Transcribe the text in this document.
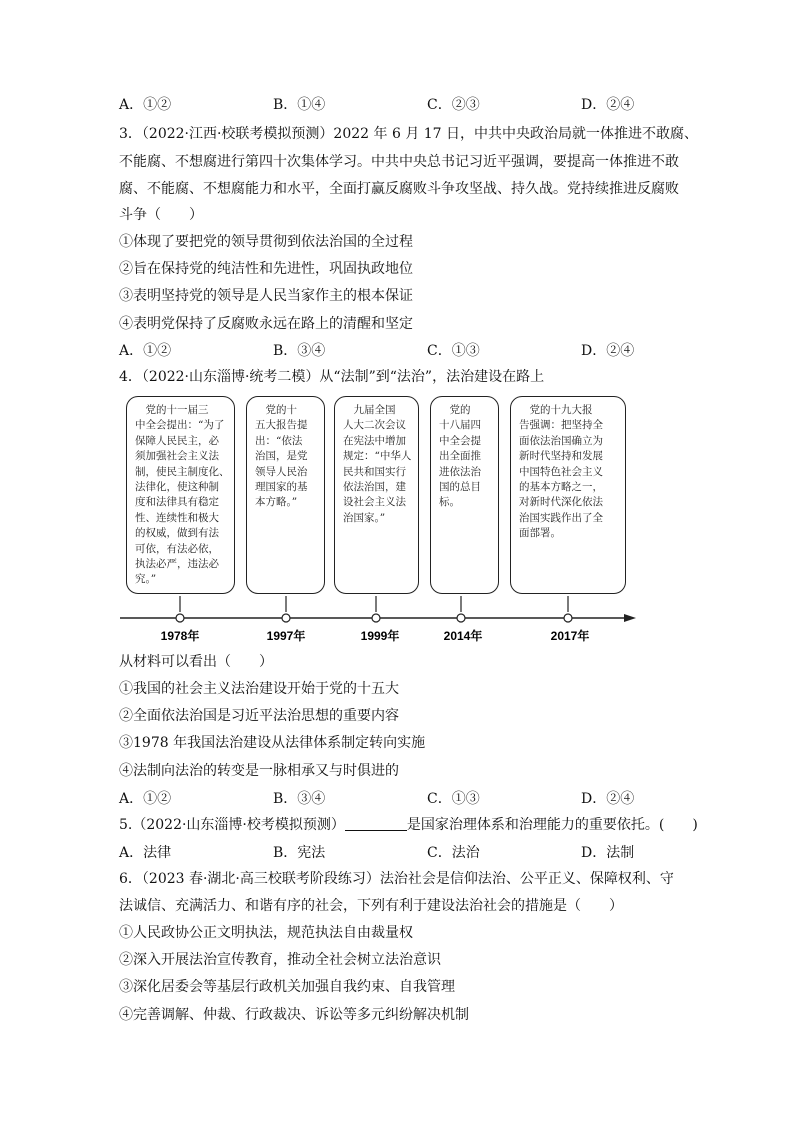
A．①②	B．①④	C．②③	D．②④
3．（2022·江西·校联考模拟预测）2022 年 6 月 17 日，中共中央政治局就一体推进不敢腐、
不能腐、不想腐进行第四十次集体学习。中共中央总书记习近平强调，要提高一体推进不敢
腐、不能腐、不想腐能力和水平，全面打赢反腐败斗争攻坚战、持久战。党持续推进反腐败
斗争（　　）
①体现了要把党的领导贯彻到依法治国的全过程
②旨在保持党的纯洁性和先进性，巩固执政地位
③表明坚持党的领导是人民当家作主的根本保证
④表明党保持了反腐败永远在路上的清醒和坚定
A．①②	B．③④	C．①③	D．②④
4．（2022·山东淄博·统考二模）从“法制”到“法治”，法治建设在路上
　党的十一届三
中全会提出：“为了
保障人民民主，必
须加强社会主义法
制，使民主制度化、
法律化，使这种制
度和法律具有稳定
性、连续性和极大
的权威，做到有法
可依，有法必依，
执法必严，违法必
究。”
　党的十
五大报告提
出：“依法
治国，是党
领导人民治
理国家的基
本方略。”
　九届全国
人大二次会议
在宪法中增加
规定：“中华人
民共和国实行
依法治国，建
设社会主义法
治国家。”
　党的
十八届四
中全会提
出全面推
进依法治
国的总目
标。
　党的十九大报
告强调：把坚持全
面依法治国确立为
新时代坚持和发展
中国特色社会主义
的基本方略之一，
对新时代深化依法
治国实践作出了全
面部署。
1978年	1997年	1999年	2014年	2017年
从材料可以看出（　　）
①我国的社会主义法治建设开始于党的十五大
②全面依法治国是习近平法治思想的重要内容
③1978 年我国法治建设从法律体系制定转向实施
④法制向法治的转变是一脉相承又与时俱进的
A．①②	B．③④	C．①③	D．②④
5.（2022·山东淄博·校考模拟预测）	是国家治理体系和治理能力的重要依托。(　　)
A．法律	B．宪法	C．法治	D．法制
6．（2023 春·湖北·高三校联考阶段练习）法治社会是信仰法治、公平正义、保障权利、守
法诚信、充满活力、和谐有序的社会，下列有利于建设法治社会的措施是（　　）
①人民政协公正文明执法，规范执法自由裁量权
②深入开展法治宣传教育，推动全社会树立法治意识
③深化居委会等基层行政机关加强自我约束、自我管理
④完善调解、仲裁、行政裁决、诉讼等多元纠纷解决机制
